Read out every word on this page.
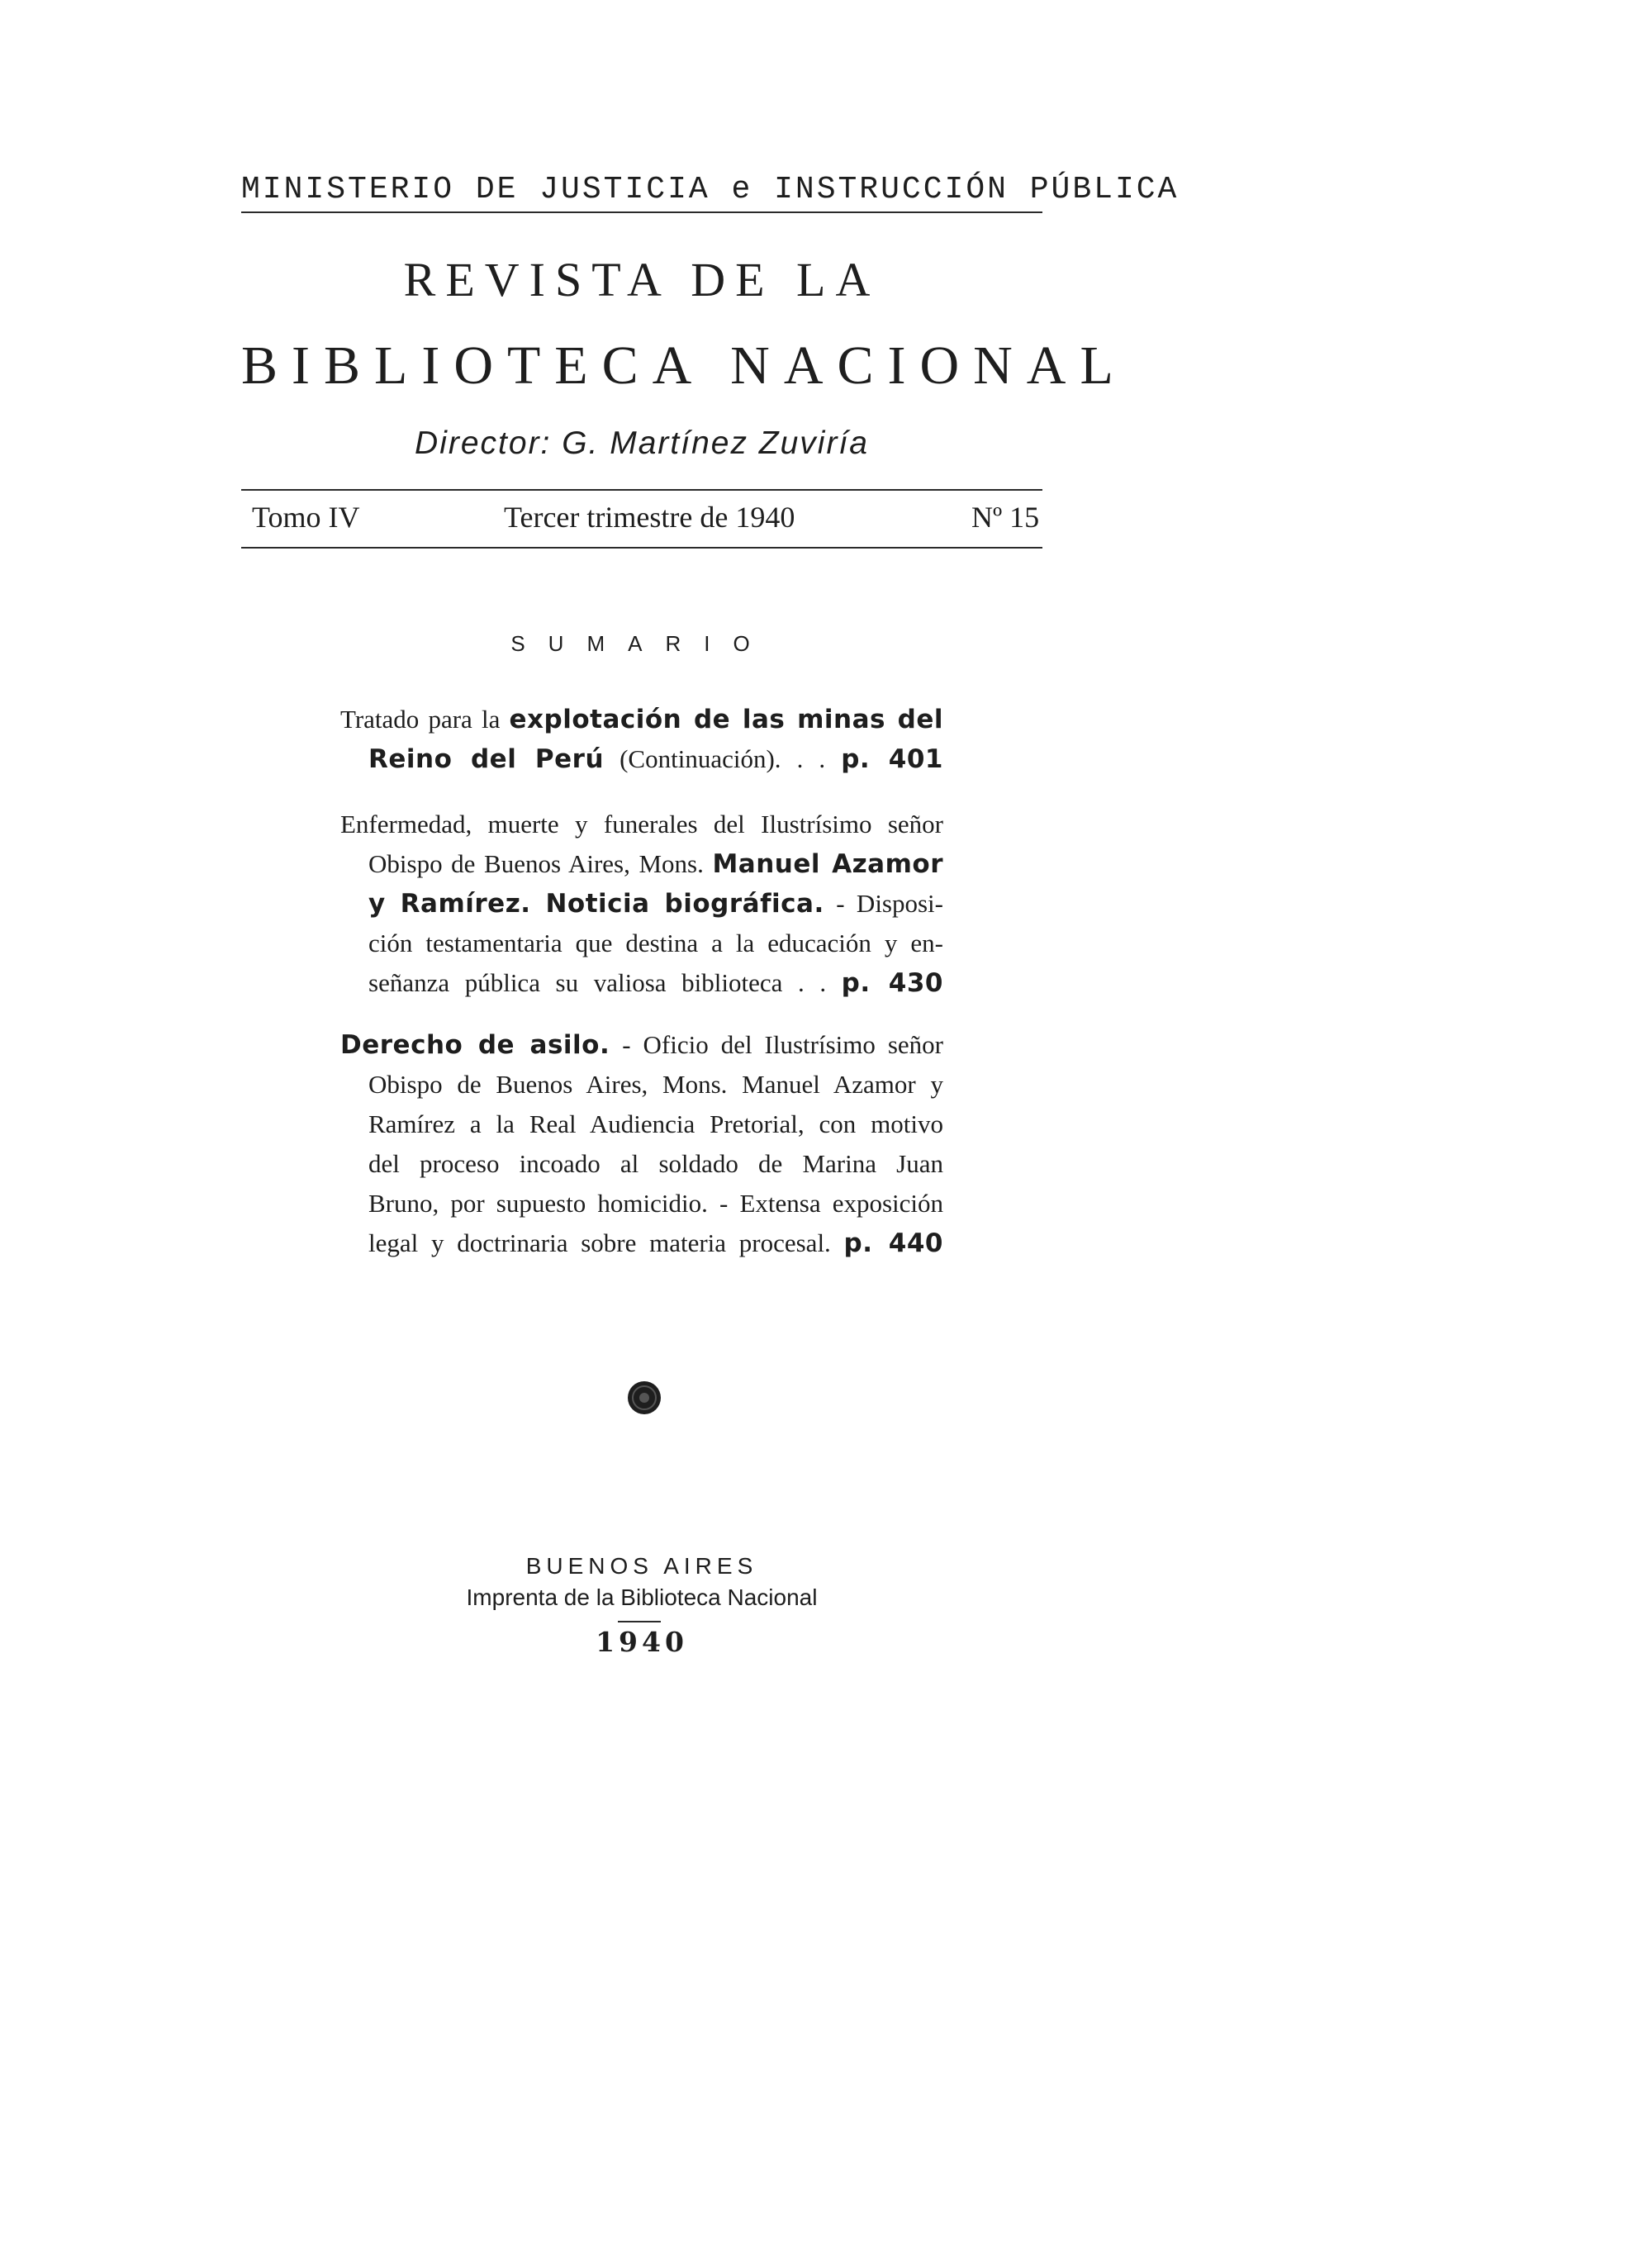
MINISTERIO DE JUSTICIA e INSTRUCCIÓN PÚBLICA
REVISTA DE LA
BIBLIOTECA NACIONAL
Director: G. Martínez Zuviría
Tomo IV	Tercer trimestre de 1940	Nº 15
SUMARIO
Tratado para la explotación de las minas del
Reino del Perú (Continuación). . . p. 401
Enfermedad, muerte y funerales del Ilustrísimo señor
Obispo de Buenos Aires, Mons. Manuel Azamor
y Ramírez. Noticia biográfica. - Disposi-
ción testamentaria que destina a la educación y en-
señanza pública su valiosa biblioteca . . p. 430
Derecho de asilo. - Oficio del Ilustrísimo señor
Obispo de Buenos Aires, Mons. Manuel Azamor y
Ramírez a la Real Audiencia Pretorial, con motivo
del proceso incoado al soldado de Marina Juan
Bruno, por supuesto homicidio. - Extensa exposición
legal y doctrinaria sobre materia procesal. p. 440
BUENOS AIRES
Imprenta de la Biblioteca Nacional
1940
